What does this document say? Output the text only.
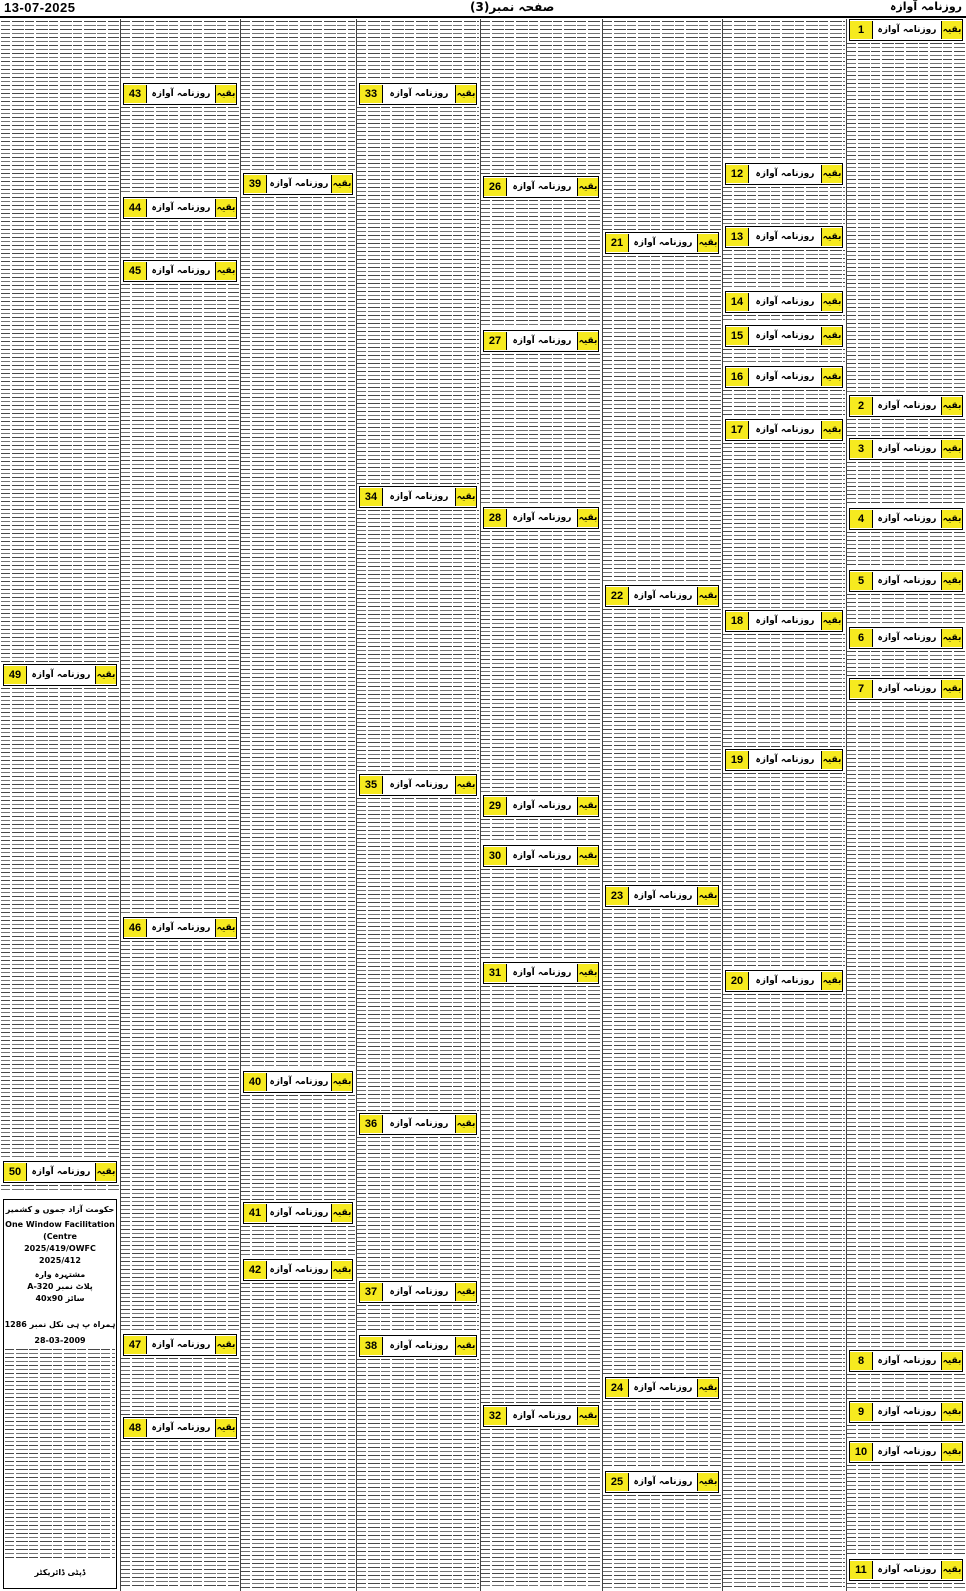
13-07-2025	صفحہ نمبر(3)	روزنامہ آوازہ
49	روزنامہ آوازہ بقیہ
50	روزنامہ آوازہ بقیہ
حکومت آزاد جموں و کشمیر
One Window Facilitation
(Centre
2025/419/OWFC
2025/412
مشتہرہ وارہ
پلاٹ نمبر 320-A
سائز 40x90
ہمراہ پ ہی نکل نمبر 1286
28-03-2009
ڈپٹی ڈائریکٹر
43	روزنامہ آوازہ بقیہ
44	روزنامہ آوازہ بقیہ
45	روزنامہ آوازہ بقیہ
46	روزنامہ آوازہ بقیہ
47	روزنامہ آوازہ بقیہ
48	روزنامہ آوازہ بقیہ
39 روزنامہ آوازہ بقیہ
40 روزنامہ آوازہ بقیہ
41 روزنامہ آوازہ بقیہ
42 روزنامہ آوازہ بقیہ
33	روزنامہ آوازہ بقیہ
34	روزنامہ آوازہ بقیہ
35	روزنامہ آوازہ بقیہ
36	روزنامہ آوازہ بقیہ
37	روزنامہ آوازہ بقیہ
38	روزنامہ آوازہ بقیہ
26	روزنامہ آوازہ بقیہ
27	روزنامہ آوازہ بقیہ
28	روزنامہ آوازہ بقیہ
29	روزنامہ آوازہ بقیہ
30	روزنامہ آوازہ بقیہ
31	روزنامہ آوازہ بقیہ
32	روزنامہ آوازہ بقیہ
21	روزنامہ آوازہ بقیہ
22	روزنامہ آوازہ بقیہ
23	روزنامہ آوازہ بقیہ
24	روزنامہ آوازہ بقیہ
25	روزنامہ آوازہ بقیہ
12	روزنامہ آوازہ بقیہ
13	روزنامہ آوازہ بقیہ
14	روزنامہ آوازہ بقیہ
15	روزنامہ آوازہ بقیہ
16	روزنامہ آوازہ بقیہ
17	روزنامہ آوازہ بقیہ
18	روزنامہ آوازہ بقیہ
19	روزنامہ آوازہ بقیہ
20	روزنامہ آوازہ بقیہ
1	روزنامہ آوازہ بقیہ
2	روزنامہ آوازہ بقیہ
3	روزنامہ آوازہ بقیہ
4	روزنامہ آوازہ بقیہ
5	روزنامہ آوازہ بقیہ
6	روزنامہ آوازہ بقیہ
7	روزنامہ آوازہ بقیہ
8	روزنامہ آوازہ بقیہ
9	روزنامہ آوازہ بقیہ
10	روزنامہ آوازہ بقیہ
11	روزنامہ آوازہ بقیہ
